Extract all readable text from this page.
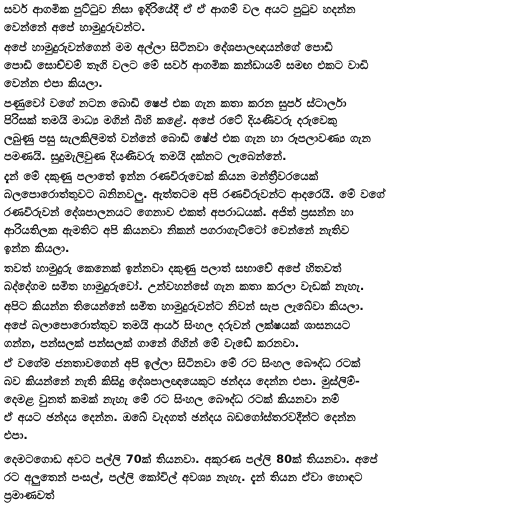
සර්ව ආගමික පුට්ටුව නිසා ඉදිරියේදී ඒ ඒ ආගම් වල අයට පුටුව හදන්න
වෙන්නේ අපේ හාමුදුරුවන්ට.
අපේ හාමුදුරුවන්ගෙන් මම අල්ලා සිටිනවා දේශපාලඥයන්ගේ පොඩි
පොඩි සොච්චම් තෑගි වලට මේ සර්ව ආගමික කන්ඩායම් සමඟ එකට වාඩි
වෙන්න එපා කියලා.
පණුවෝ වගේ නටන බොඩි ෂෙප් එක ගැන කතා කරන සුපර් ස්ටාර්ලා
පිරිසක් තමයි මාධ්‍ය මගින් බිහි කළේ. අපේ රටේ දියණිවරු දරුවෙකු
ලබුණු පසු සැලකිලිමත් වන්නේ බොඩි ෂේප් එක ගැන හා රූපලාවණ්‍ය ගැන
පමණයි. සුදුමැලිවුණ දියණිවරු තමයි දක්නට ලැබෙන්නේ.
දැන් මේ දකුණු පලාතේ ඉන්න රණවිරුවෙක් කියන මන්ත්‍රීවරයෙක්
බලපොරොත්තුවට බනිනවලු. ඇත්තටම අපි රණවිරුවන්ට ආදරෙයි. මේ වගේ
රණවිරුවන් දේශපාලනයට ගෙනාව එකත් අපරාධයක්. අජිත් ප්‍රසන්න හා
ආරියතිලක ඇමතිට අපි කියනවා නිකන් පගරාගැට්ටෝ වෙන්නේ නැතිව
ඉන්න කියලා.
තවත් හාමුදුරු කෙනෙක් ඉන්නවා දකුණු පලාත් සභාවේ අපේ හිතවත්
බද්දේගම සමිත හාමුදුරුවෝ. උන්වහන්සේ ගැන කතා කරලා වැඩක් නැහැ.
අපිට කියන්න තියෙන්නේ සමිත හාමුදුරුවන්ට නිවන් සැප ලැබේවා කියලා.
අපේ බලාපොරොත්තුව තමයි ආර්ය සිංහල දරුවන් ලක්ෂයක් ශාසනයට
ගන්න, පන්සලක් පන්සලක් ගානේ ගිහින් මේ වැඩේ කරනවා.
ඒ වගේම ජනතාවගෙන් අපි ඉල්ලා සිටිනවා මේ රට සිංහල බෞද්ධ රටක්
බව කියන්නේ නැති කිසිදු දේශපාලඥයෙකුට ඡන්දය දෙන්න එපා. මුස්ලිම්-
දෙමළ වුනත් කමක් නැහැ මේ රට සිංහල බෞද්ධ රටක් කියනවා නම්
ඒ අයට ඡන්දය දෙන්න. ඔබේ වැදගත් ඡන්දය බඩගෝස්තරවදීන්ට දෙන්න
එපා.
දෙමටගොඩ අවට පල්ලි 70ක් තියනවා. අකුරණ පල්ලි 80ක් තියනවා. අපේ
රට අලුතෙන් පංසල්, පල්ලි කෝවිල් අවශ්‍ය නැහැ. දැන් තියන ඒවා හොඳට
ප්‍රමාණවත්
